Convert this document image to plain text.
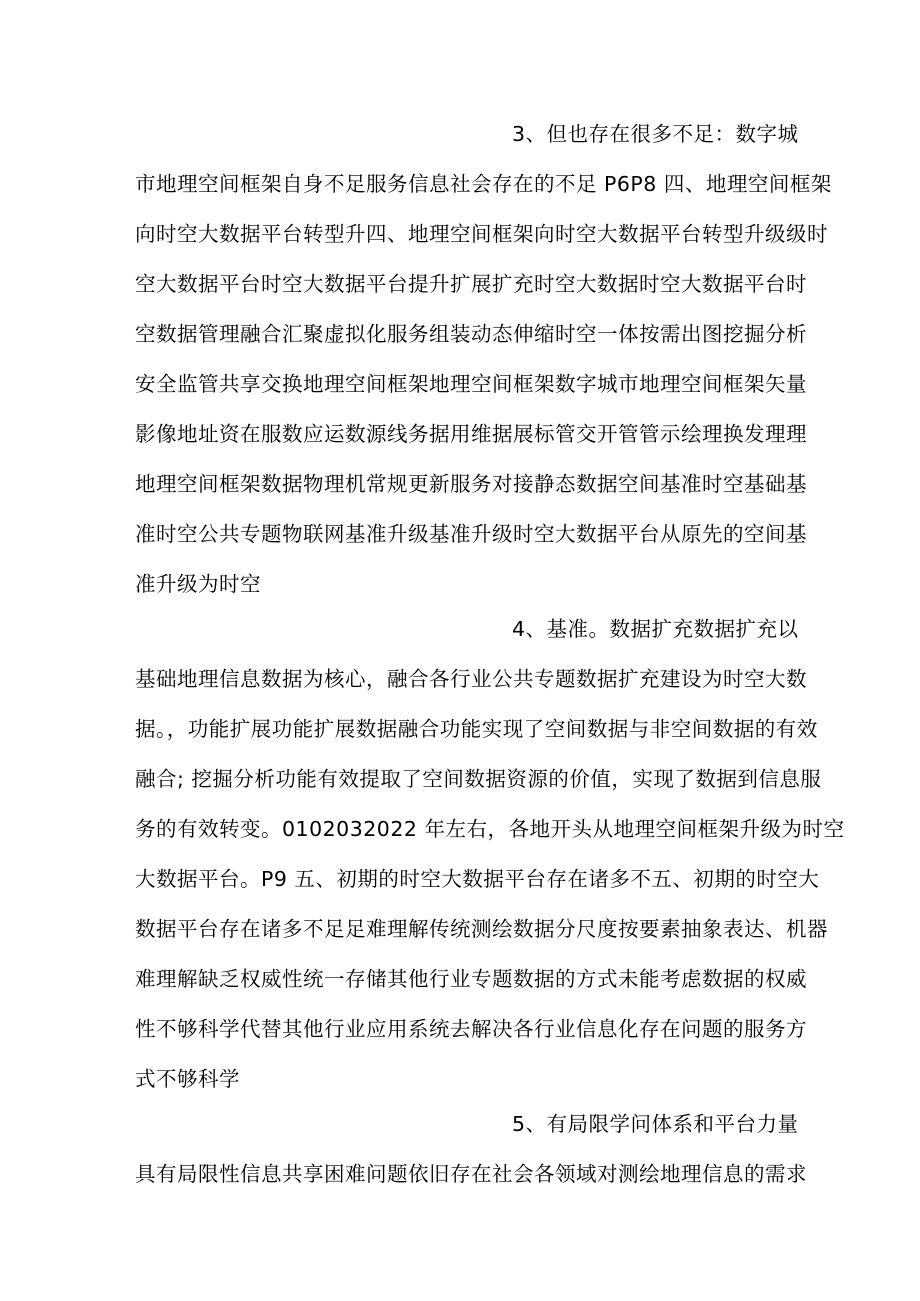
3、但也存在很多不足：数字城
市地理空间框架自身不足服务信息社会存在的不足 P6P8 四、地理空间框架
向时空大数据平台转型升四、地理空间框架向时空大数据平台转型升级级时
空大数据平台时空大数据平台提升扩展扩充时空大数据时空大数据平台时
空数据管理融合汇聚虚拟化服务组装动态伸缩时空一体按需出图挖掘分析
安全监管共享交换地理空间框架地理空间框架数字城市地理空间框架矢量
影像地址资在服数应运数源线务据用维据展标管交开管管示绘理换发理理
地理空间框架数据物理机常规更新服务对接静态数据空间基准时空基础基
准时空公共专题物联网基准升级基准升级时空大数据平台从原先的空间基
准升级为时空
4、基准。数据扩充数据扩充以
基础地理信息数据为核心，融合各行业公共专题数据扩充建设为时空大数
据。，功能扩展功能扩展数据融合功能实现了空间数据与非空间数据的有效
融合; 挖掘分析功能有效提取了空间数据资源的价值，实现了数据到信息服
务的有效转变。0102032022 年左右，各地开头从地理空间框架升级为时空
大数据平台。P9 五、初期的时空大数据平台存在诸多不五、初期的时空大
数据平台存在诸多不足足难理解传统测绘数据分尺度按要素抽象表达、机器
难理解缺乏权威性统一存储其他行业专题数据的方式未能考虑数据的权威
性不够科学代替其他行业应用系统去解决各行业信息化存在问题的服务方
式不够科学
5、有局限学问体系和平台力量
具有局限性信息共享困难问题依旧存在社会各领域对测绘地理信息的需求
